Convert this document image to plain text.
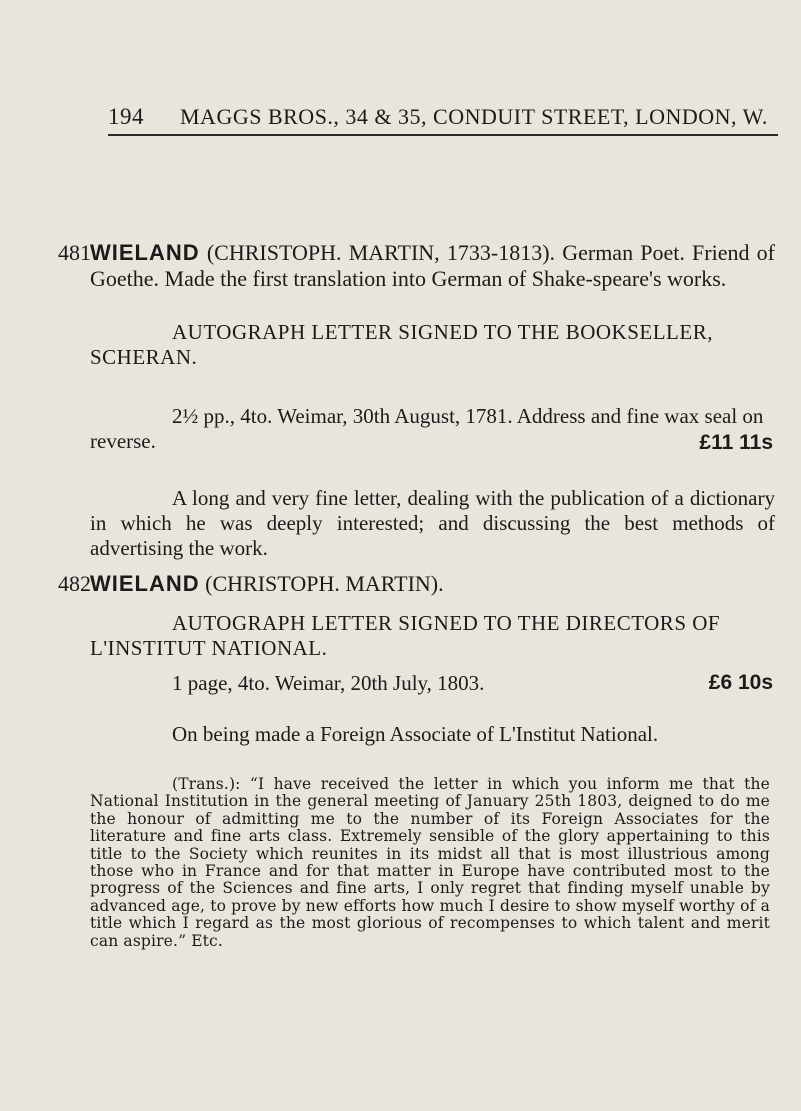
194 MAGGS BROS., 34 & 35, CONDUIT STREET, LONDON, W.
481 WIELAND (CHRISTOPH. MARTIN, 1733-1813). German Poet. Friend of Goethe. Made the first translation into German of Shake-speare's works.
AUTOGRAPH LETTER SIGNED TO THE BOOKSELLER, SCHERAN.
2½ pp., 4to. Weimar, 30th August, 1781. Address and fine wax seal on reverse.	£11 11s
A long and very fine letter, dealing with the publication of a dictionary in which he was deeply interested; and discussing the best methods of advertising the work.
482 WIELAND (CHRISTOPH. MARTIN).
AUTOGRAPH LETTER SIGNED TO THE DIRECTORS OF L'INSTITUT NATIONAL.
1 page, 4to. Weimar, 20th July, 1803.	£6 10s
On being made a Foreign Associate of L'Institut National.
(Trans.): “I have received the letter in which you inform me that the National Institution in the general meeting of January 25th 1803, deigned to do me the honour of admitting me to the number of its Foreign Associates for the literature and fine arts class. Extremely sensible of the glory appertaining to this title to the Society which reunites in its midst all that is most illustrious among those who in France and for that matter in Europe have contributed most to the progress of the Sciences and fine arts, I only regret that finding myself unable by advanced age, to prove by new efforts how much I desire to show myself worthy of a title which I regard as the most glorious of recompenses to which talent and merit can aspire.” Etc.
